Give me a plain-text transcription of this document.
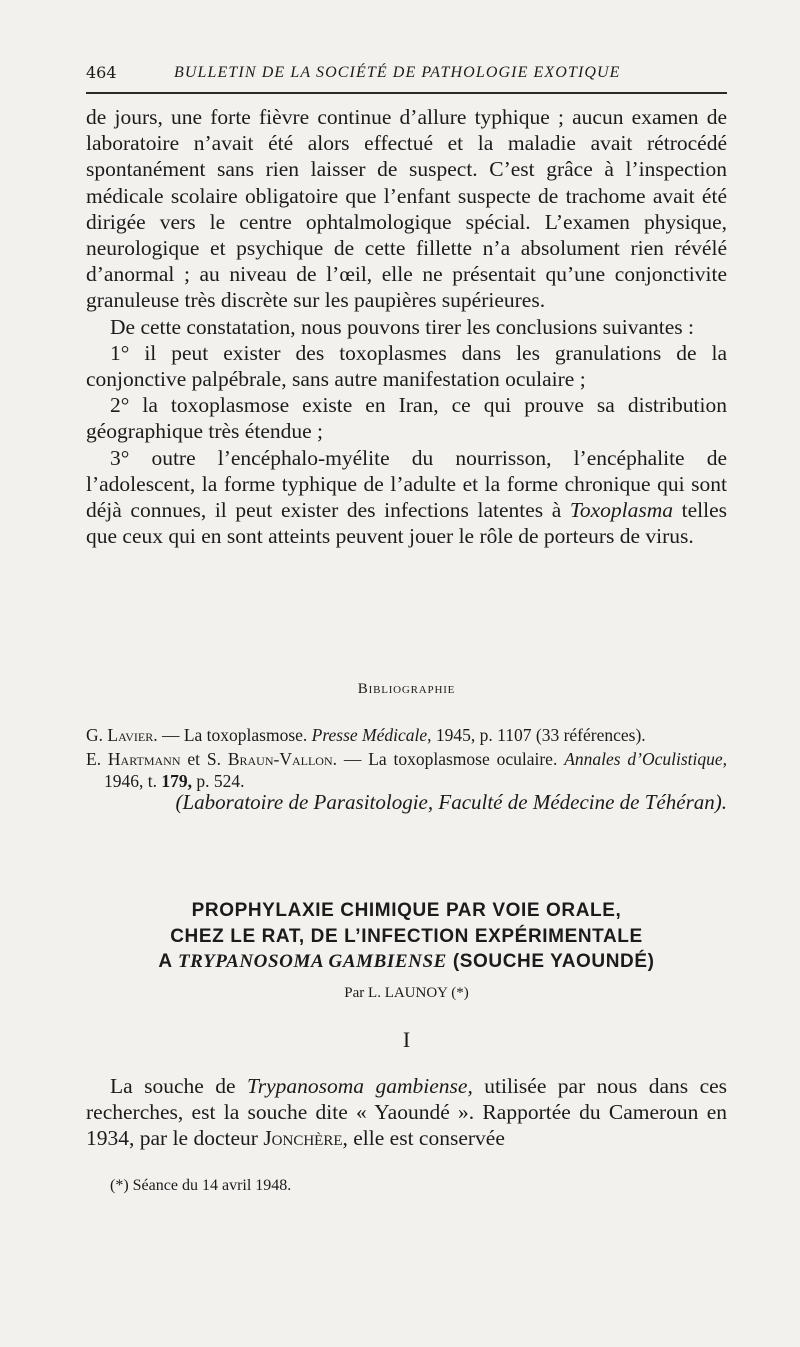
464	BULLETIN DE LA SOCIÉTÉ DE PATHOLOGIE EXOTIQUE

de jours, une forte fièvre continue d’allure typhique ; aucun examen de laboratoire n’avait été alors effectué et la maladie avait rétrocédé spontanément sans rien laisser de suspect. C’est grâce à l’inspection médicale scolaire obligatoire que l’enfant suspecte de trachome avait été dirigée vers le centre ophtalmologique spécial. L’examen physique, neurologique et psychique de cette fillette n’a absolument rien révélé d’anormal ; au niveau de l’œil, elle ne présentait qu’une conjonctivite granuleuse très discrète sur les paupières supérieures.

De cette constatation, nous pouvons tirer les conclusions suivantes :

1° il peut exister des toxoplasmes dans les granulations de la conjonctive palpébrale, sans autre manifestation oculaire ;

2° la toxoplasmose existe en Iran, ce qui prouve sa distribution géographique très étendue ;

3° outre l’encéphalo-myélite du nourrisson, l’encéphalite de l’adolescent, la forme typhique de l’adulte et la forme chronique qui sont déjà connues, il peut exister des infections latentes à Toxoplasma telles que ceux qui en sont atteints peuvent jouer le rôle de porteurs de virus.

Bibliographie

G. Lavier. — La toxoplasmose. Presse Médicale, 1945, p. 1107 (33 références).

E. Hartmann et S. Braun-Vallon. — La toxoplasmose oculaire. Annales d’Oculistique, 1946, t. 179, p. 524.

(Laboratoire de Parasitologie, Faculté de Médecine de Téhéran).
PROPHYLAXIE CHIMIQUE PAR VOIE ORALE,
CHEZ LE RAT, DE L’INFECTION EXPÉRIMENTALE
A TRYPANOSOMA GAMBIENSE (SOUCHE YAOUNDÉ)
Par L. LAUNOY (*)
I
La souche de Trypanosoma gambiense, utilisée par nous dans ces recherches, est la souche dite « Yaoundé ». Rapportée du Cameroun en 1934, par le docteur Jonchère, elle est conservée
(*) Séance du 14 avril 1948.
